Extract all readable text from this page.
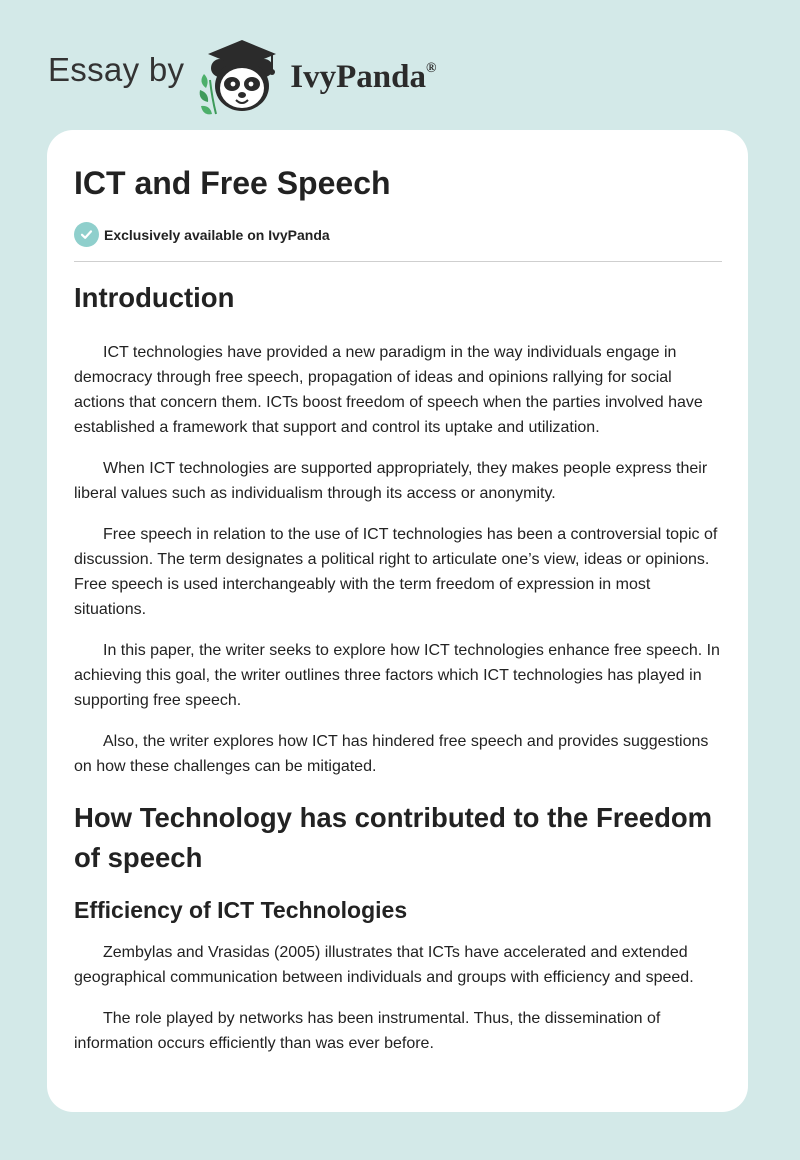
Essay by	IvyPanda®
ICT and Free Speech
Exclusively available on IvyPanda
Introduction

ICT technologies have provided a new paradigm in the way individuals engage in democracy through free speech, propagation of ideas and opinions rallying for social actions that concern them. ICTs boost freedom of speech when the parties involved have established a framework that support and control its uptake and utilization.

When ICT technologies are supported appropriately, they makes people express their liberal values such as individualism through its access or anonymity.

Free speech in relation to the use of ICT technologies has been a controversial topic of discussion. The term designates a political right to articulate one’s view, ideas or opinions. Free speech is used interchangeably with the term freedom of expression in most situations.

In this paper, the writer seeks to explore how ICT technologies enhance free speech. In achieving this goal, the writer outlines three factors which ICT technologies has played in supporting free speech.

Also, the writer explores how ICT has hindered free speech and provides suggestions on how these challenges can be mitigated.

How Technology has contributed to the Freedom of speech
Efficiency of ICT Technologies

Zembylas and Vrasidas (2005) illustrates that ICTs have accelerated and extended geographical communication between individuals and groups with efficiency and speed.

The role played by networks has been instrumental. Thus, the dissemination of information occurs efficiently than was ever before.
